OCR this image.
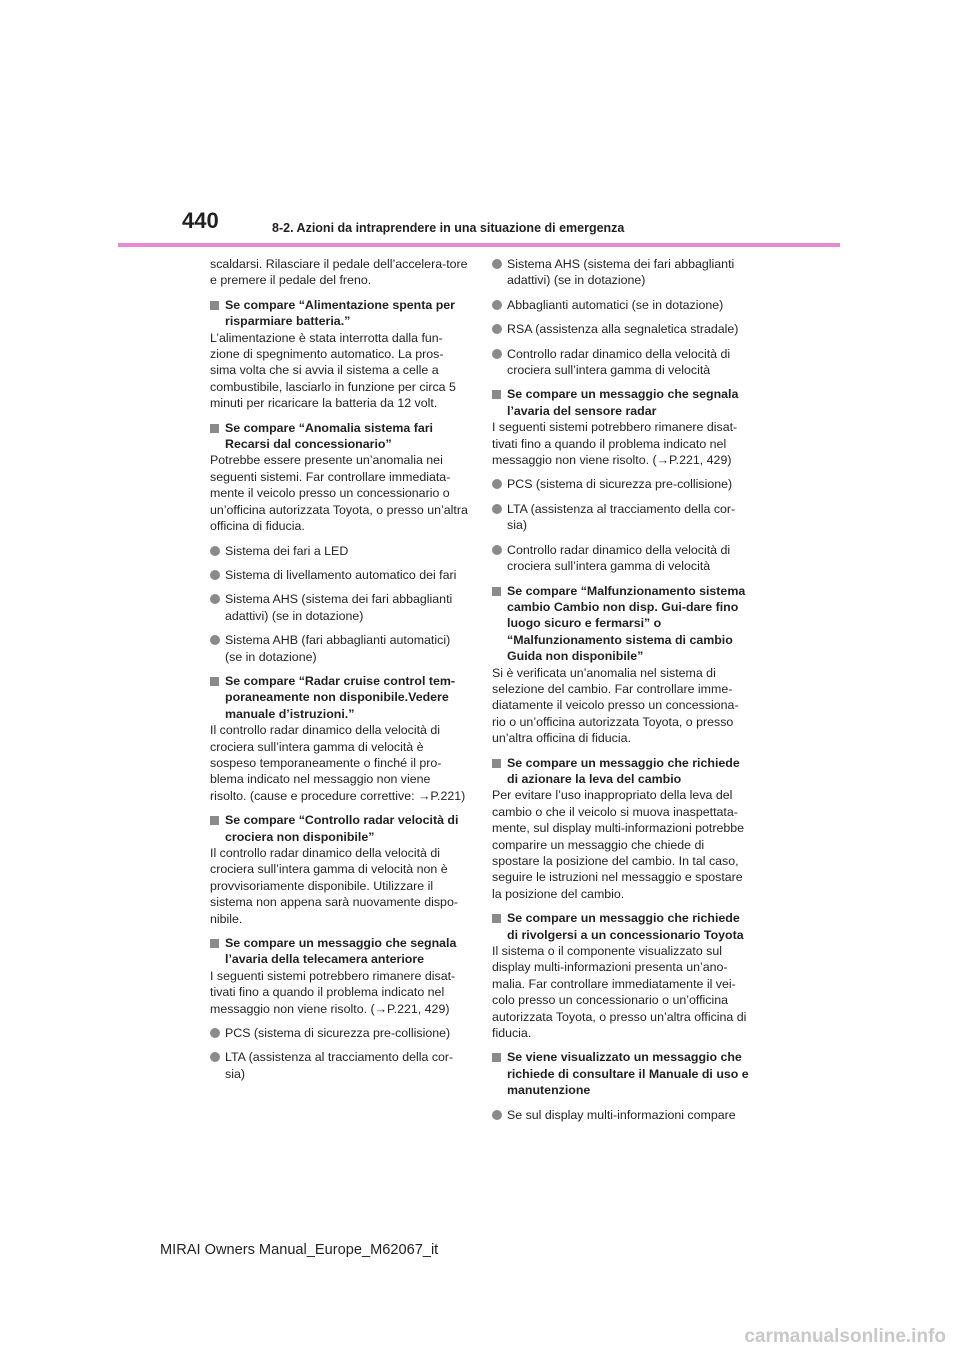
440	8-2. Azioni da intraprendere in una situazione di emergenza

scaldarsi. Rilasciare il pedale dell’accelera-tore e premere il pedale del freno.

Se compare “Alimentazione spenta per risparmiare batteria.”

L’alimentazione è stata interrotta dalla fun-zione di spegnimento automatico. La pros-sima volta che si avvia il sistema a celle a combustibile, lasciarlo in funzione per circa 5 minuti per ricaricare la batteria da 12 volt.

Se compare “Anomalia sistema fari Recarsi dal concessionario”

Potrebbe essere presente un’anomalia nei seguenti sistemi. Far controllare immediata-mente il veicolo presso un concessionario o un’officina autorizzata Toyota, o presso un’altra officina di fiducia.

Sistema dei fari a LED
Sistema di livellamento automatico dei fari
Sistema AHS (sistema dei fari abbaglianti adattivi) (se in dotazione)
Sistema AHB (fari abbaglianti automatici) (se in dotazione)
Se compare “Radar cruise control tem-poraneamente non disponibile.Vedere manuale d’istruzioni.”

Il controllo radar dinamico della velocità di crociera sull’intera gamma di velocità è sospeso temporaneamente o finché il pro-blema indicato nel messaggio non viene risolto. (cause e procedure correttive: →P.221)

Se compare “Controllo radar velocità di crociera non disponibile”

Il controllo radar dinamico della velocità di crociera sull’intera gamma di velocità non è provvisoriamente disponibile. Utilizzare il sistema non appena sarà nuovamente dispo-nibile.

Se compare un messaggio che segnala l’avaria della telecamera anteriore

I seguenti sistemi potrebbero rimanere disat-tivati fino a quando il problema indicato nel messaggio non viene risolto. (→P.221, 429)

PCS (sistema di sicurezza pre-collisione)
LTA (assistenza al tracciamento della cor-sia)
Sistema AHS (sistema dei fari abbaglianti adattivi) (se in dotazione)
Abbaglianti automatici (se in dotazione)
RSA (assistenza alla segnaletica stradale)
Controllo radar dinamico della velocità di crociera sull’intera gamma di velocità
Se compare un messaggio che segnala l’avaria del sensore radar

I seguenti sistemi potrebbero rimanere disat-tivati fino a quando il problema indicato nel messaggio non viene risolto. (→P.221, 429)

PCS (sistema di sicurezza pre-collisione)
LTA (assistenza al tracciamento della cor-sia)
Controllo radar dinamico della velocità di crociera sull’intera gamma di velocità
Se compare “Malfunzionamento sistema cambio Cambio non disp. Gui-dare fino luogo sicuro e fermarsi” o “Malfunzionamento sistema di cambio Guida non disponibile”

Si è verificata un’anomalia nel sistema di selezione del cambio. Far controllare imme-diatamente il veicolo presso un concessiona-rio o un’officina autorizzata Toyota, o presso un’altra officina di fiducia.

Se compare un messaggio che richiede di azionare la leva del cambio

Per evitare l’uso inappropriato della leva del cambio o che il veicolo si muova inaspettata-mente, sul display multi-informazioni potrebbe comparire un messaggio che chiede di spostare la posizione del cambio. In tal caso, seguire le istruzioni nel messaggio e spostare la posizione del cambio.

Se compare un messaggio che richiede di rivolgersi a un concessionario Toyota

Il sistema o il componente visualizzato sul display multi-informazioni presenta un’ano-malia. Far controllare immediatamente il vei-colo presso un concessionario o un’officina autorizzata Toyota, o presso un’altra officina di fiducia.

Se viene visualizzato un messaggio che richiede di consultare il Manuale di uso e manutenzione
Se sul display multi-informazioni compare
MIRAI Owners Manual_Europe_M62067_it
carmanualsonline.info
